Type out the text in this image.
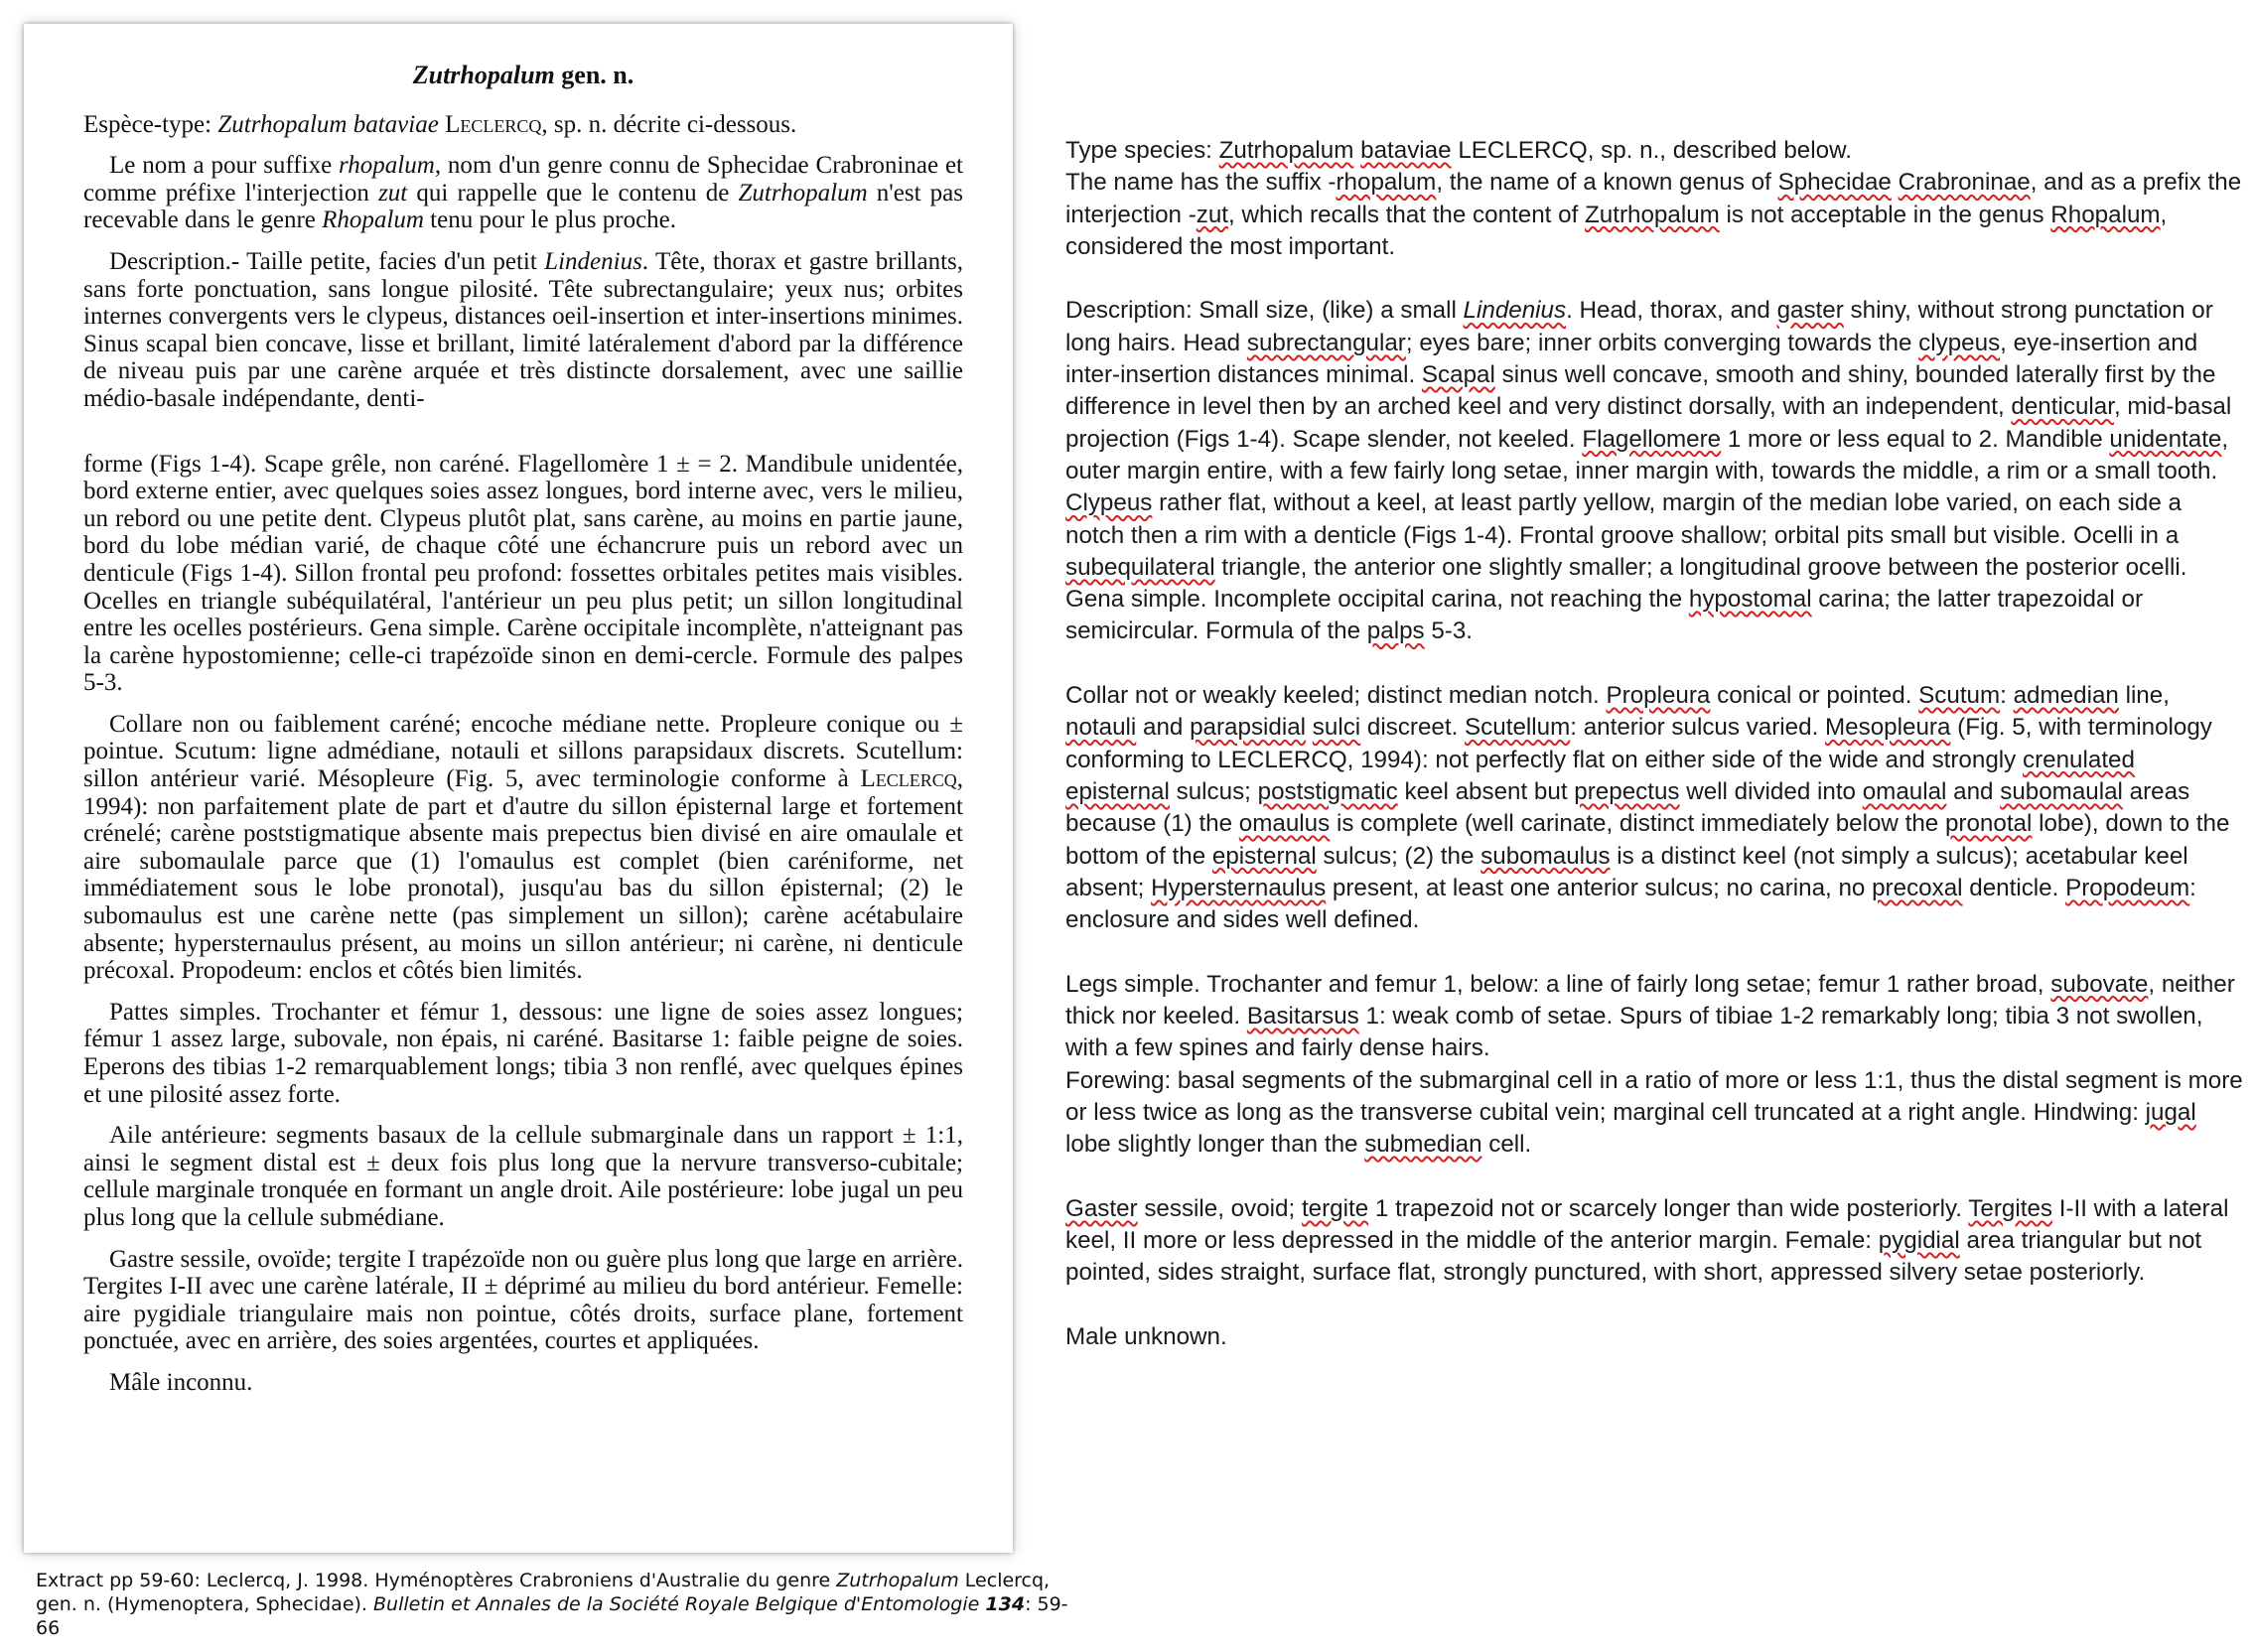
Zutrhopalum gen. n.

Espèce-type: Zutrhopalum bataviae Leclercq, sp. n. décrite ci-dessous.

Le nom a pour suffixe rhopalum, nom d'un genre connu de Sphecidae Crabroninae et comme préfixe l'interjection zut qui rappelle que le contenu de Zutrhopalum n'est pas recevable dans le genre Rhopalum tenu pour le plus proche.

Description.- Taille petite, facies d'un petit Lindenius. Tête, thorax et gastre brillants, sans forte ponctuation, sans longue pilosité. Tête subrectangulaire; yeux nus; orbites internes convergents vers le clypeus, distances oeil-insertion et inter-insertions minimes. Sinus scapal bien concave, lisse et brillant, limité latéralement d'abord par la différence de niveau puis par une carène arquée et très distincte dorsalement, avec une saillie médio-basale indépendante, denti-

forme (Figs 1-4). Scape grêle, non caréné. Flagellomère 1 ± = 2. Mandibule unidentée, bord externe entier, avec quelques soies assez longues, bord interne avec, vers le milieu, un rebord ou une petite dent. Clypeus plutôt plat, sans carène, au moins en partie jaune, bord du lobe médian varié, de chaque côté une échancrure puis un rebord avec un denticule (Figs 1-4). Sillon frontal peu profond: fossettes orbitales petites mais visibles. Ocelles en triangle subéquilatéral, l'antérieur un peu plus petit; un sillon longitudinal entre les ocelles postérieurs. Gena simple. Carène occipitale incomplète, n'atteignant pas la carène hypostomienne; celle-ci trapézoïde sinon en demi-cercle. Formule des palpes 5-3.

Collare non ou faiblement caréné; encoche médiane nette. Propleure conique ou ± pointue. Scutum: ligne admédiane, notauli et sillons parapsidaux discrets. Scutellum: sillon antérieur varié. Mésopleure (Fig. 5, avec terminologie conforme à Leclercq, 1994): non parfaitement plate de part et d'autre du sillon épisternal large et fortement crénelé; carène poststigmatique absente mais prepectus bien divisé en aire omaulale et aire subomaulale parce que (1) l'omaulus est complet (bien caréniforme, net immédiatement sous le lobe pronotal), jusqu'au bas du sillon épisternal; (2) le subomaulus est une carène nette (pas simplement un sillon); carène acétabulaire absente; hypersternaulus présent, au moins un sillon antérieur; ni carène, ni denticule précoxal. Propodeum: enclos et côtés bien limités.

Pattes simples. Trochanter et fémur 1, dessous: une ligne de soies assez longues; fémur 1 assez large, subovale, non épais, ni caréné. Basitarse 1: faible peigne de soies. Eperons des tibias 1-2 remarquablement longs; tibia 3 non renflé, avec quelques épines et une pilosité assez forte.

Aile antérieure: segments basaux de la cellule submarginale dans un rapport ± 1:1, ainsi le segment distal est ± deux fois plus long que la nervure transverso-cubitale; cellule marginale tronquée en formant un angle droit. Aile postérieure: lobe jugal un peu plus long que la cellule submédiane.

Gastre sessile, ovoïde; tergite I trapézoïde non ou guère plus long que large en arrière. Tergites I-II avec une carène latérale, II ± déprimé au milieu du bord antérieur. Femelle: aire pygidiale triangulaire mais non pointue, côtés droits, surface plane, fortement ponctuée, avec en arrière, des soies argentées, courtes et appliquées.

Mâle inconnu.

Extract pp 59-60: Leclercq, J. 1998. Hyménoptères Crabroniens d'Australie du genre Zutrhopalum Leclercq, gen. n. (Hymenoptera, Sphecidae). Bulletin et Annales de la Société Royale Belgique d'Entomologie 134: 59-66

Type species: Zutrhopalum bataviae LECLERCQ, sp. n., described below.

The name has the suffix -rhopalum, the name of a known genus of Sphecidae Crabroninae, and as a prefix the interjection -zut, which recalls that the content of Zutrhopalum is not acceptable in the genus Rhopalum, considered the most important.

Description: Small size, (like) a small Lindenius. Head, thorax, and gaster shiny, without strong punctation or long hairs. Head subrectangular; eyes bare; inner orbits converging towards the clypeus, eye-insertion and inter-insertion distances minimal. Scapal sinus well concave, smooth and shiny, bounded laterally first by the difference in level then by an arched keel and very distinct dorsally, with an independent, denticular, mid-basal projection (Figs 1-4). Scape slender, not keeled. Flagellomere 1 more or less equal to 2. Mandible unidentate, outer margin entire, with a few fairly long setae, inner margin with, towards the middle, a rim or a small tooth. Clypeus rather flat, without a keel, at least partly yellow, margin of the median lobe varied, on each side a notch then a rim with a denticle (Figs 1-4). Frontal groove shallow; orbital pits small but visible. Ocelli in a subequilateral triangle, the anterior one slightly smaller; a longitudinal groove between the posterior ocelli. Gena simple. Incomplete occipital carina, not reaching the hypostomal carina; the latter trapezoidal or semicircular. Formula of the palps 5-3.

Collar not or weakly keeled; distinct median notch. Propleura conical or pointed. Scutum: admedian line, notauli and parapsidial sulci discreet. Scutellum: anterior sulcus varied. Mesopleura (Fig. 5, with terminology conforming to LECLERCQ, 1994): not perfectly flat on either side of the wide and strongly crenulated episternal sulcus; poststigmatic keel absent but prepectus well divided into omaulal and subomaulal areas because (1) the omaulus is complete (well carinate, distinct immediately below the pronotal lobe), down to the bottom of the episternal sulcus; (2) the subomaulus is a distinct keel (not simply a sulcus); acetabular keel absent; Hypersternaulus present, at least one anterior sulcus; no carina, no precoxal denticle. Propodeum: enclosure and sides well defined.

Legs simple. Trochanter and femur 1, below: a line of fairly long setae; femur 1 rather broad, subovate, neither thick nor keeled. Basitarsus 1: weak comb of setae. Spurs of tibiae 1-2 remarkably long; tibia 3 not swollen, with a few spines and fairly dense hairs.

Forewing: basal segments of the submarginal cell in a ratio of more or less 1:1, thus the distal segment is more or less twice as long as the transverse cubital vein; marginal cell truncated at a right angle. Hindwing: jugal lobe slightly longer than the submedian cell.

Gaster sessile, ovoid; tergite 1 trapezoid not or scarcely longer than wide posteriorly. Tergites I-II with a lateral keel, II more or less depressed in the middle of the anterior margin. Female: pygidial area triangular but not pointed, sides straight, surface flat, strongly punctured, with short, appressed silvery setae posteriorly.

Male unknown.
